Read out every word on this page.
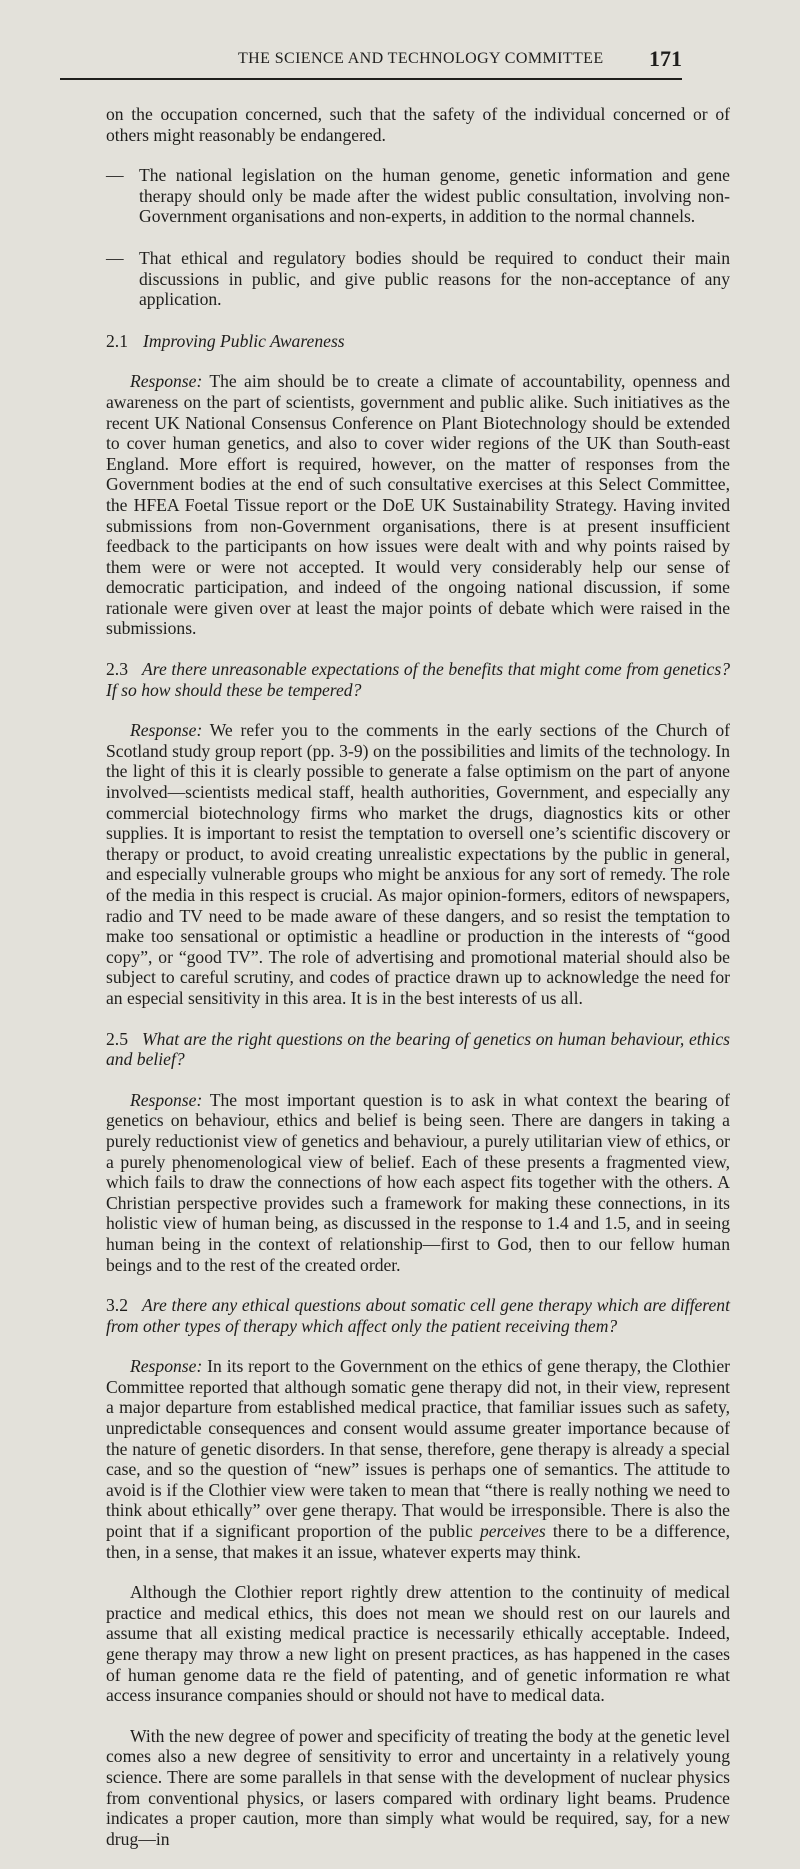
THE SCIENCE AND TECHNOLOGY COMMITTEE 171

on the occupation concerned, such that the safety of the individual concerned or of others might reasonably be endangered.

— The national legislation on the human genome, genetic information and gene therapy should only be made after the widest public consultation, involving non-Government organisations and non-experts, in addition to the normal channels.

— That ethical and regulatory bodies should be required to conduct their main discussions in public, and give public reasons for the non-acceptance of any application.

2.1 Improving Public Awareness

Response: The aim should be to create a climate of accountability, openness and awareness on the part of scientists, government and public alike. Such initiatives as the recent UK National Consensus Conference on Plant Biotechnology should be extended to cover human genetics, and also to cover wider regions of the UK than South-east England. More effort is required, however, on the matter of responses from the Government bodies at the end of such consultative exercises at this Select Committee, the HFEA Foetal Tissue report or the DoE UK Sustainability Strategy. Having invited submissions from non-Government organisations, there is at present insufficient feedback to the participants on how issues were dealt with and why points raised by them were or were not accepted. It would very considerably help our sense of democratic participation, and indeed of the ongoing national discussion, if some rationale were given over at least the major points of debate which were raised in the submissions.

2.3 Are there unreasonable expectations of the benefits that might come from genetics? If so how should these be tempered?

Response: We refer you to the comments in the early sections of the Church of Scotland study group report (pp. 3-9) on the possibilities and limits of the technology. In the light of this it is clearly possible to generate a false optimism on the part of anyone involved—scientists medical staff, health authorities, Government, and especially any commercial biotechnology firms who market the drugs, diagnostics kits or other supplies. It is important to resist the temptation to oversell one’s scientific discovery or therapy or product, to avoid creating unrealistic expectations by the public in general, and especially vulnerable groups who might be anxious for any sort of remedy. The role of the media in this respect is crucial. As major opinion-formers, editors of newspapers, radio and TV need to be made aware of these dangers, and so resist the temptation to make too sensational or optimistic a headline or production in the interests of “good copy”, or “good TV”. The role of advertising and promotional material should also be subject to careful scrutiny, and codes of practice drawn up to acknowledge the need for an especial sensitivity in this area. It is in the best interests of us all.

2.5 What are the right questions on the bearing of genetics on human behaviour, ethics and belief?

Response: The most important question is to ask in what context the bearing of genetics on behaviour, ethics and belief is being seen. There are dangers in taking a purely reductionist view of genetics and behaviour, a purely utilitarian view of ethics, or a purely phenomenological view of belief. Each of these presents a fragmented view, which fails to draw the connections of how each aspect fits together with the others. A Christian perspective provides such a framework for making these connections, in its holistic view of human being, as discussed in the response to 1.4 and 1.5, and in seeing human being in the context of relationship—first to God, then to our fellow human beings and to the rest of the created order.

3.2 Are there any ethical questions about somatic cell gene therapy which are different from other types of therapy which affect only the patient receiving them?

Response: In its report to the Government on the ethics of gene therapy, the Clothier Committee reported that although somatic gene therapy did not, in their view, represent a major departure from established medical practice, that familiar issues such as safety, unpredictable consequences and consent would assume greater importance because of the nature of genetic disorders. In that sense, therefore, gene therapy is already a special case, and so the question of “new” issues is perhaps one of semantics. The attitude to avoid is if the Clothier view were taken to mean that “there is really nothing we need to think about ethically” over gene therapy. That would be irresponsible. There is also the point that if a significant proportion of the public perceives there to be a difference, then, in a sense, that makes it an issue, whatever experts may think.

Although the Clothier report rightly drew attention to the continuity of medical practice and medical ethics, this does not mean we should rest on our laurels and assume that all existing medical practice is necessarily ethically acceptable. Indeed, gene therapy may throw a new light on present practices, as has happened in the cases of human genome data re the field of patenting, and of genetic information re what access insurance companies should or should not have to medical data.

With the new degree of power and specificity of treating the body at the genetic level comes also a new degree of sensitivity to error and uncertainty in a relatively young science. There are some parallels in that sense with the development of nuclear physics from conventional physics, or lasers compared with ordinary light beams. Prudence indicates a proper caution, more than simply what would be required, say, for a new drug—in
